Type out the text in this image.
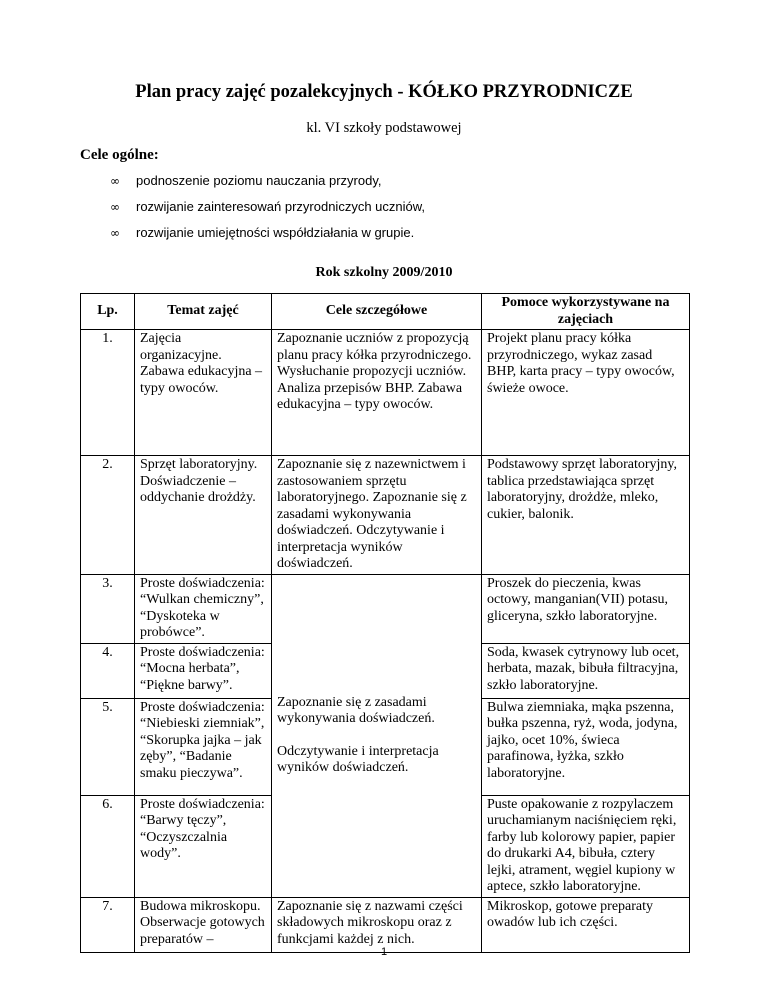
Plan pracy zajęć pozalekcyjnych - KÓŁKO PRZYRODNICZE
kl. VI szkoły podstawowej
Cele ogólne:
∞	podnoszenie poziomu nauczania przyrody,
∞	rozwijanie zainteresowań przyrodniczych uczniów,
∞	rozwijanie umiejętności współdziałania w grupie.
Rok szkolny 2009/2010
Lp.	Temat zajęć	Cele szczegółowe	Pomoce wykorzystywane na zajęciach
1.	Zajęcia organizacyjne. Zabawa edukacyjna – typy owoców.	Zapoznanie uczniów z propozycją planu pracy kółka przyrodniczego. Wysłuchanie propozycji uczniów. Analiza przepisów BHP. Zabawa edukacyjna – typy owoców.	Projekt planu pracy kółka przyrodniczego, wykaz zasad BHP, karta pracy – typy owoców, świeże owoce.
2.	Sprzęt laboratoryjny. Doświadczenie – oddychanie drożdży.	Zapoznanie się z nazewnictwem i zastosowaniem sprzętu laboratoryjnego. Zapoznanie się z zasadami wykonywania doświadczeń. Odczytywanie i interpretacja wyników doświadczeń.	Podstawowy sprzęt laboratoryjny, tablica przedstawiająca sprzęt laboratoryjny, drożdże, mleko, cukier, balonik.
3.	Proste doświadczenia: “Wulkan chemiczny”, “Dyskoteka w probówce”.	Zapoznanie się z zasadami wykonywania doświadczeń.
Odczytywanie i interpretacja wyników doświadczeń.	Proszek do pieczenia, kwas octowy, manganian(VII) potasu, gliceryna, szkło laboratoryjne.
4.	Proste doświadczenia: “Mocna herbata”, “Piękne barwy”.		Soda, kwasek cytrynowy lub ocet, herbata, mazak, bibuła filtracyjna, szkło laboratoryjne.
5.	Proste doświadczenia: “Niebieski ziemniak”, “Skorupka jajka – jak zęby”, “Badanie smaku pieczywa”.		Bulwa ziemniaka, mąka pszenna, bułka pszenna, ryż, woda, jodyna, jajko, ocet 10%, świeca parafinowa, łyżka, szkło laboratoryjne.
6.	Proste doświadczenia: “Barwy tęczy”, “Oczyszczalnia wody”.		Puste opakowanie z rozpylaczem uruchamianym naciśnięciem ręki, farby lub kolorowy papier, papier do drukarki A4, bibuła, cztery lejki, atrament, węgiel kupiony w aptece, szkło laboratoryjne.
7.	Budowa mikroskopu. Obserwacje gotowych preparatów –	Zapoznanie się z nazwami części składowych mikroskopu oraz z funkcjami każdej z nich.	Mikroskop, gotowe preparaty owadów lub ich części.
1
